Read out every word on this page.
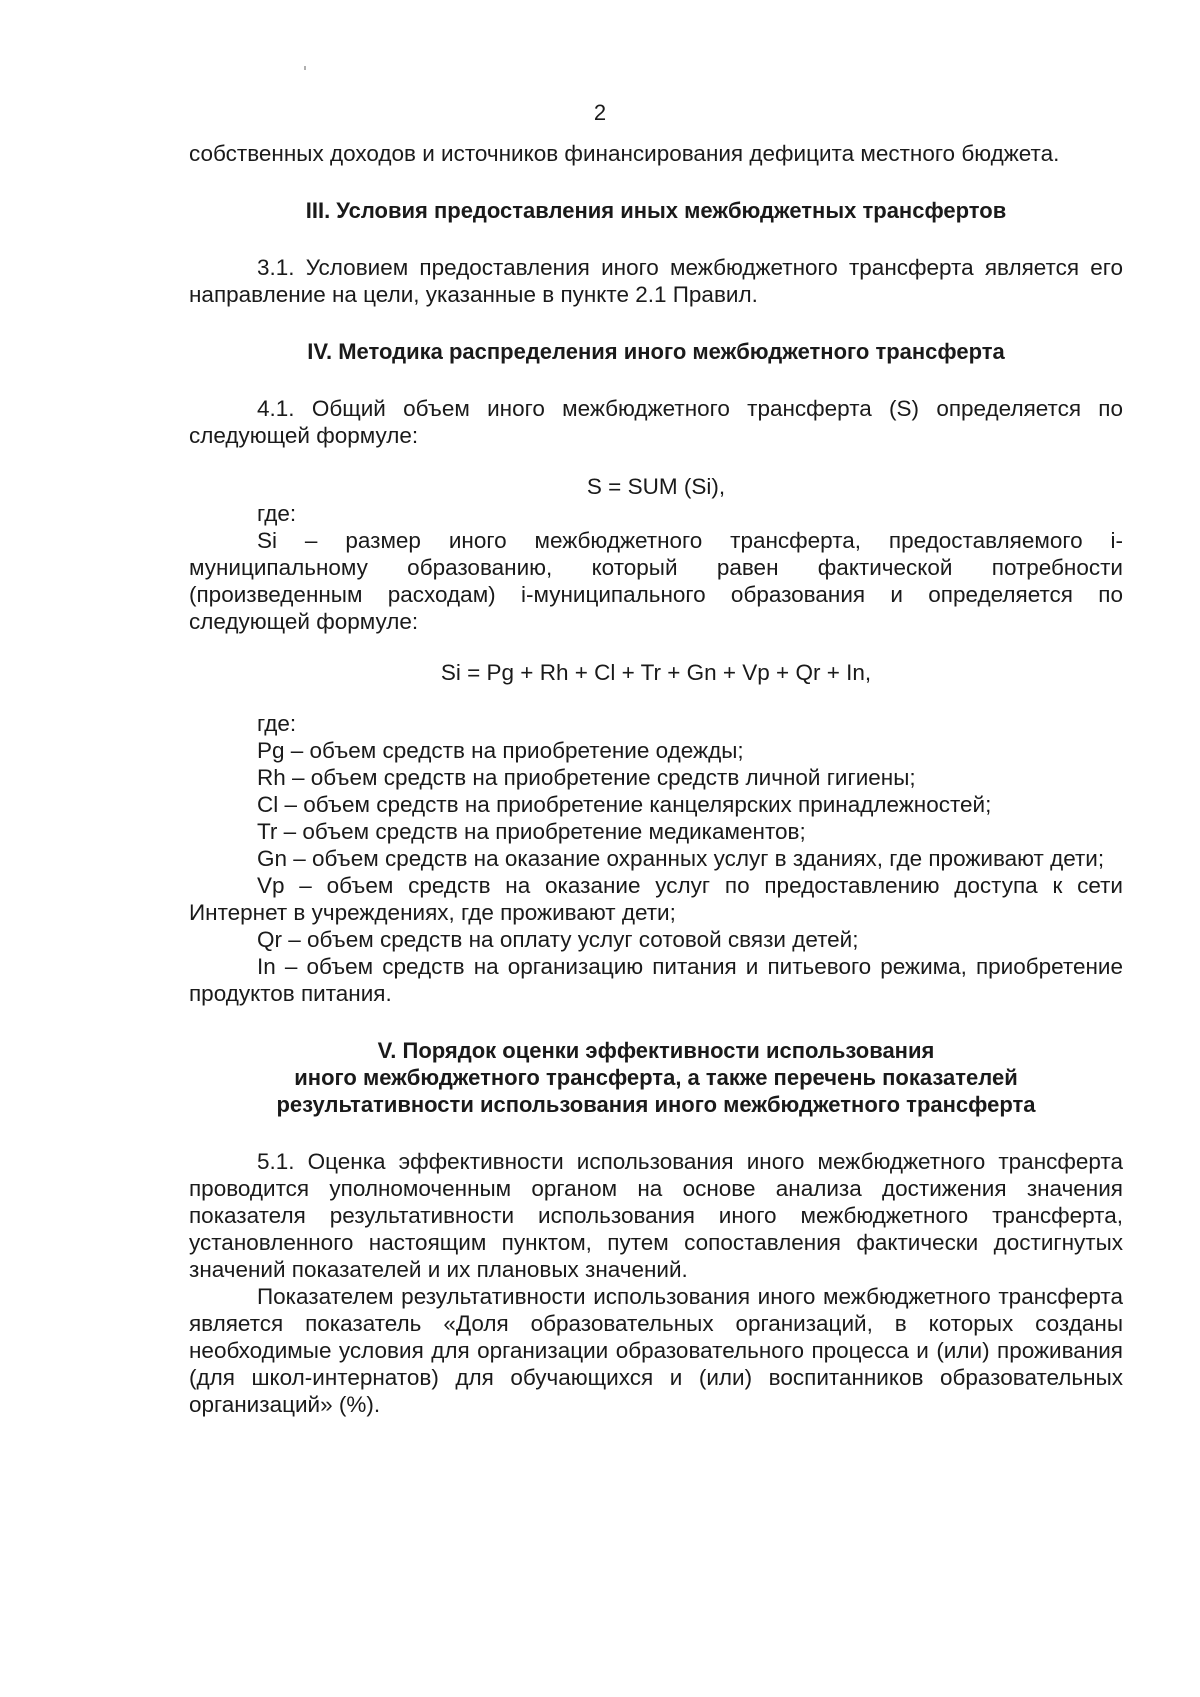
2

собственных доходов и источников финансирования дефицита местного бюджета.

III. Условия предоставления иных межбюджетных трансфертов

3.1. Условием предоставления иного межбюджетного трансферта является его направление на цели, указанные в пункте 2.1 Правил.

IV. Методика распределения иного межбюджетного трансферта

4.1. Общий объем иного межбюджетного трансферта (S) определяется по следующей формуле:

S = SUM (Si),

где:

Si – размер иного межбюджетного трансферта, предоставляемого i-муниципальному образованию, который равен фактической потребности (произведенным расходам) i-муниципального образования и определяется по следующей формуле:

Si = Pg + Rh + Cl + Tr + Gn + Vp + Qr + In,

где:

Pg – объем средств на приобретение одежды;

Rh – объем средств на приобретение средств личной гигиены;

Cl – объем средств на приобретение канцелярских принадлежностей;

Tr – объем средств на приобретение медикаментов;

Gn – объем средств на оказание охранных услуг в зданиях, где проживают дети;

Vp – объем средств на оказание услуг по предоставлению доступа к сети Интернет в учреждениях, где проживают дети;

Qr – объем средств на оплату услуг сотовой связи детей;

In – объем средств на организацию питания и питьевого режима, приобретение продуктов питания.

V. Порядок оценки эффективности использования

иного межбюджетного трансферта, а также перечень показателей

результативности использования иного межбюджетного трансферта

5.1. Оценка эффективности использования иного межбюджетного трансферта проводится уполномоченным органом на основе анализа достижения значения показателя результативности использования иного межбюджетного трансферта, установленного настоящим пунктом, путем сопоставления фактически достигнутых значений показателей и их плановых значений.

Показателем результативности использования иного межбюджетного трансферта является показатель «Доля образовательных организаций, в которых созданы необходимые условия для организации образовательного процесса и (или) проживания (для школ-интернатов) для обучающихся и (или) воспитанников образовательных организаций» (%).
